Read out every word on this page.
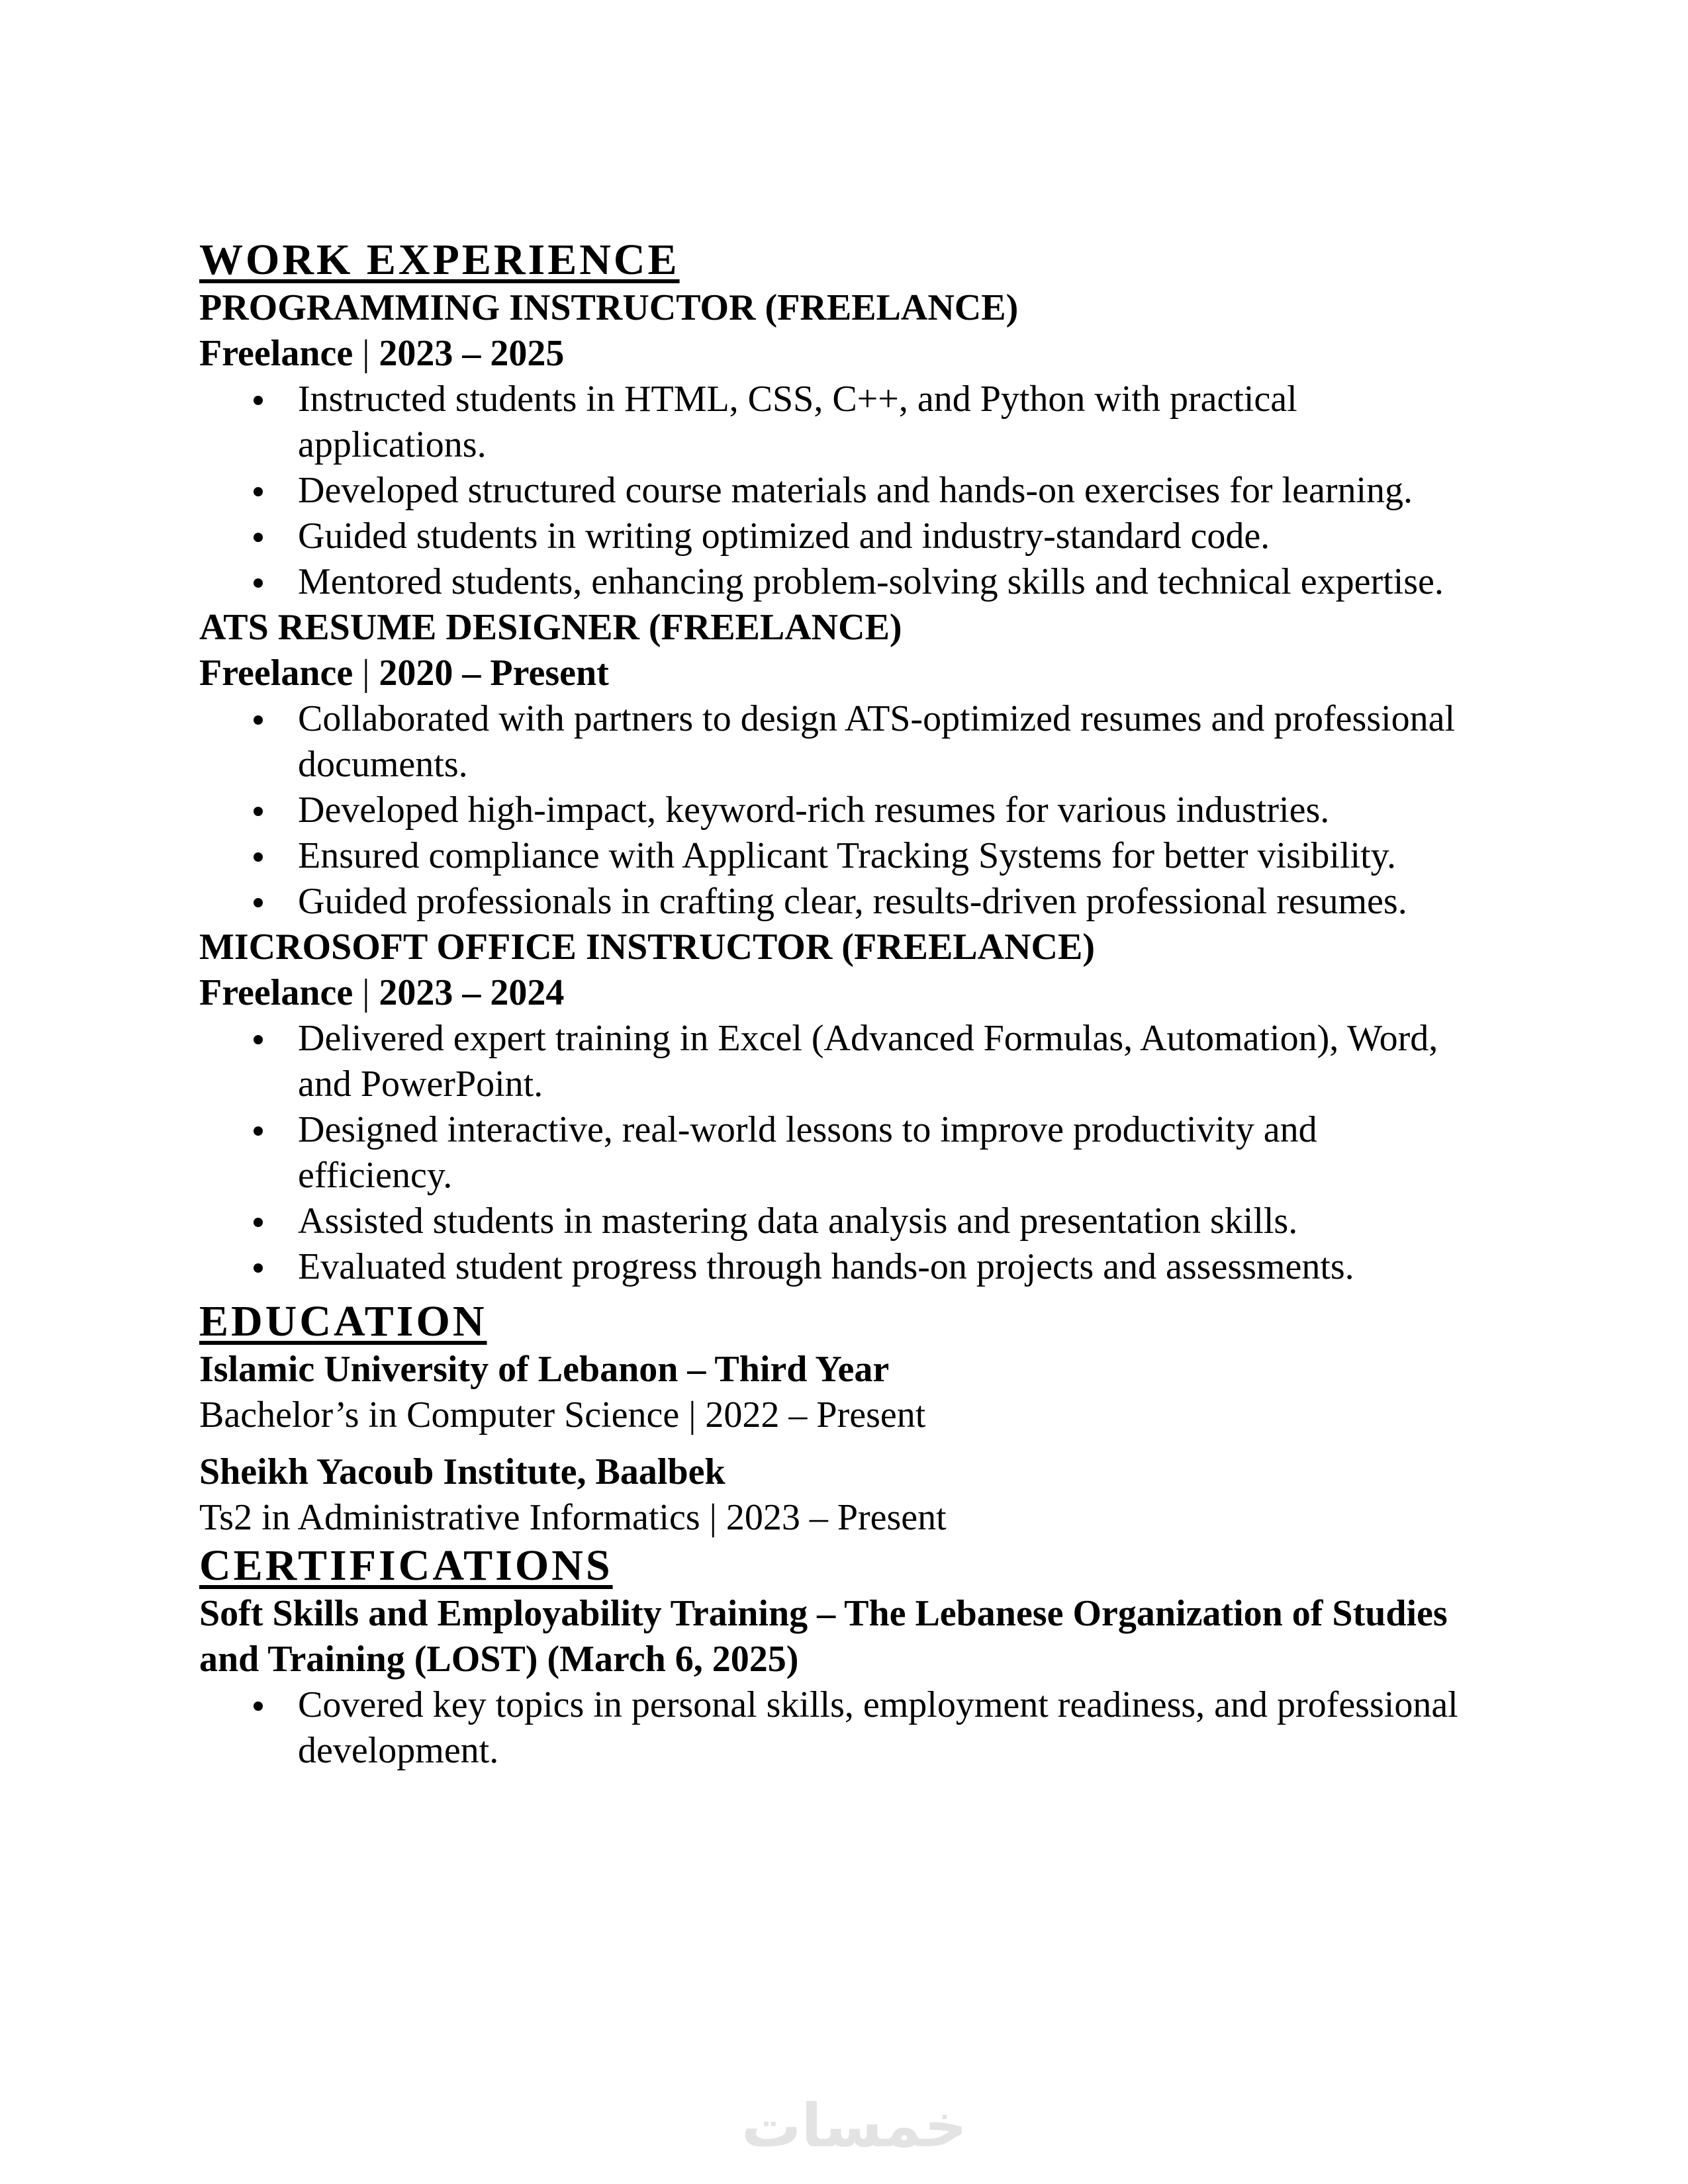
WORK EXPERIENCE
PROGRAMMING INSTRUCTOR (FREELANCE)
Freelance | 2023 – 2025
Instructed students in HTML, CSS, C++, and Python with practical applications.
Developed structured course materials and hands-on exercises for learning.
Guided students in writing optimized and industry-standard code.
Mentored students, enhancing problem-solving skills and technical expertise.
ATS RESUME DESIGNER (FREELANCE)
Freelance | 2020 – Present
Collaborated with partners to design ATS-optimized resumes and professional documents.
Developed high-impact, keyword-rich resumes for various industries.
Ensured compliance with Applicant Tracking Systems for better visibility.
Guided professionals in crafting clear, results-driven professional resumes.
MICROSOFT OFFICE INSTRUCTOR (FREELANCE)
Freelance | 2023 – 2024
Delivered expert training in Excel (Advanced Formulas, Automation), Word, and PowerPoint.
Designed interactive, real-world lessons to improve productivity and efficiency.
Assisted students in mastering data analysis and presentation skills.
Evaluated student progress through hands-on projects and assessments.
EDUCATION
Islamic University of Lebanon – Third Year
Bachelor’s in Computer Science | 2022 – Present
Sheikh Yacoub Institute, Baalbek
Ts2 in Administrative Informatics | 2023 – Present
CERTIFICATIONS
Soft Skills and Employability Training – The Lebanese Organization of Studies and Training (LOST) (March 6, 2025)
Covered key topics in personal skills, employment readiness, and professional development.
خمسات
